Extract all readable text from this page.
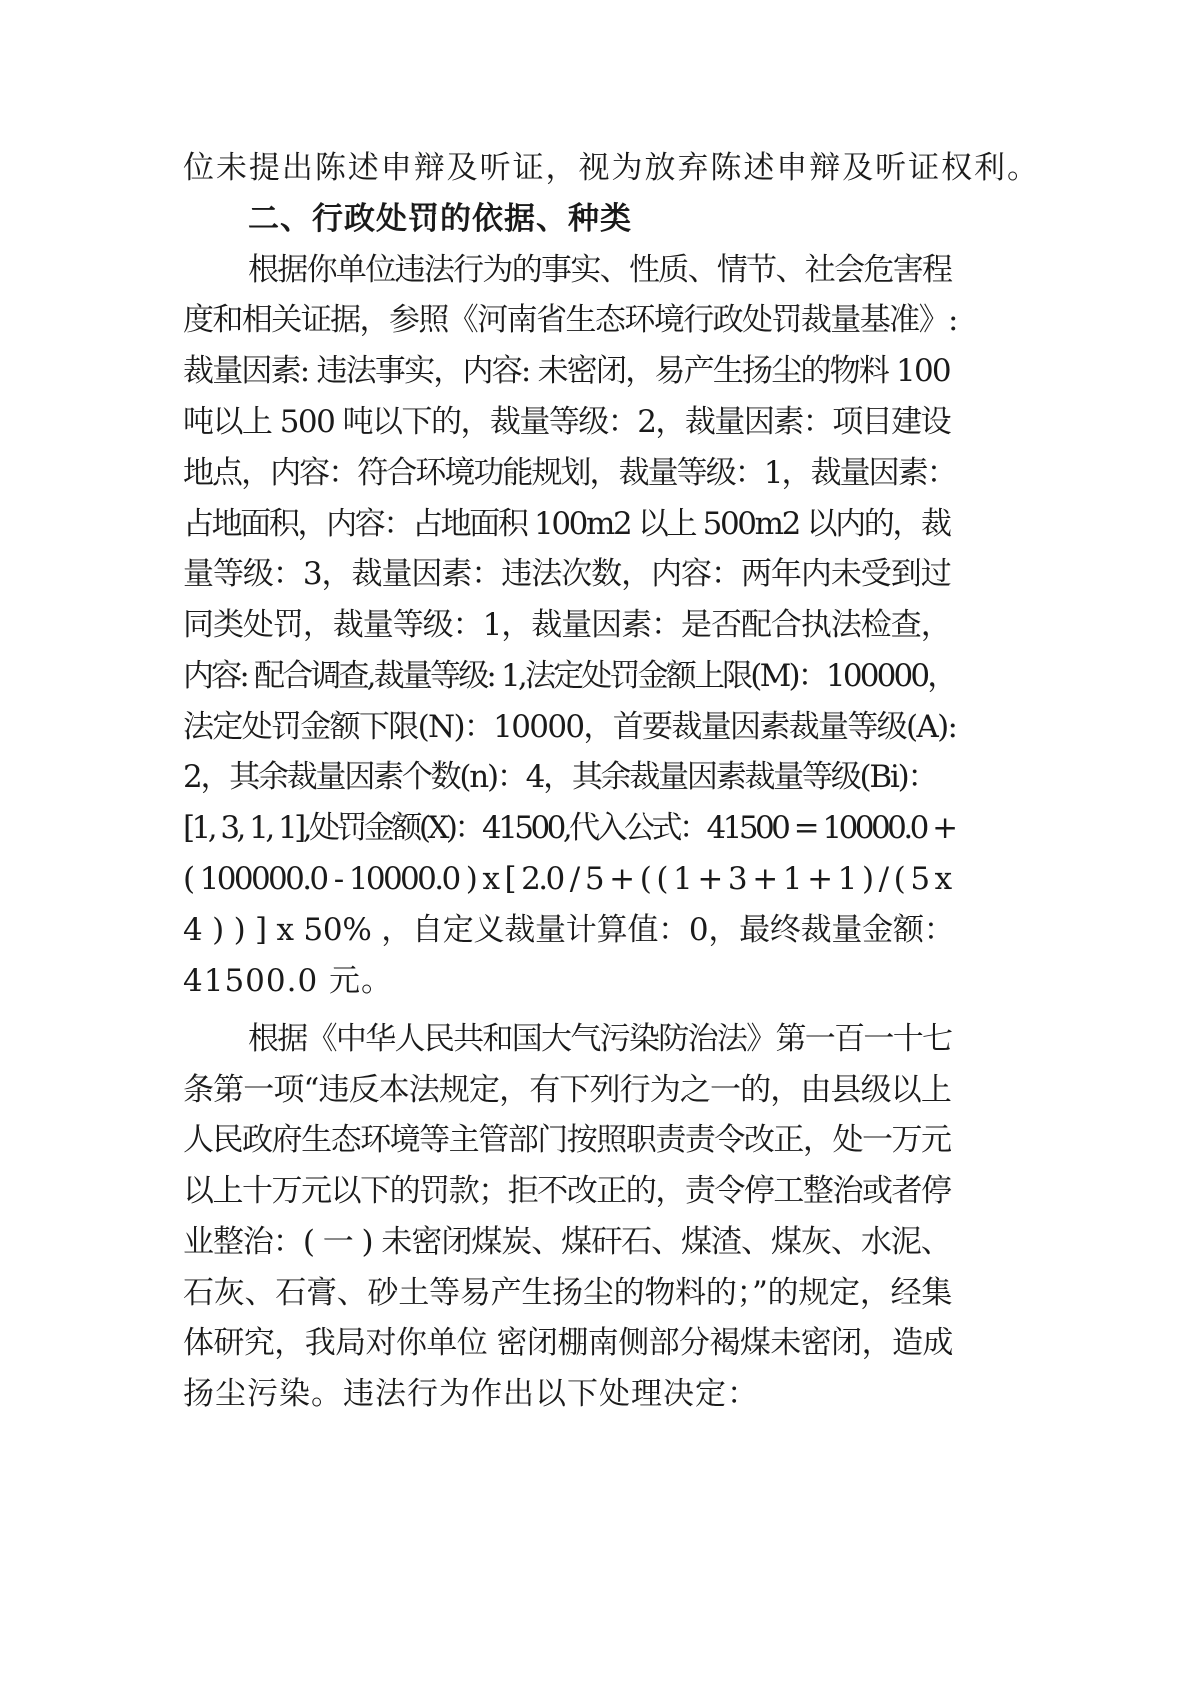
位未提出陈述申辩及听证，视为放弃陈述申辩及听证权利。
二、行政处罚的依据、种类
根据你单位违法行为的事实、性质、情节、社会危害程
度和相关证据，参照《河南省生态环境行政处罚裁量基准》:
裁量因素: 违法事实，内容: 未密闭，易产生扬尘的物料 100
吨以上 500 吨以下的，裁量等级：2，裁量因素：项目建设
地点，内容：符合环境功能规划，裁量等级：1，裁量因素：
占地面积，内容：占地面积 100m2 以上 500m2 以内的，裁
量等级：3，裁量因素：违法次数，内容：两年内未受到过
同类处罚，裁量等级：1，裁量因素：是否配合执法检查，
内容: 配合调查,裁量等级: 1,法定处罚金额上限(M)：100000，
法定处罚金额下限(N)：10000，首要裁量因素裁量等级(A):
2，其余裁量因素个数(n)：4，其余裁量因素裁量等级(Bi)：
[1, 3, 1, 1],处罚金额(X)：41500,代入公式：41500 = 10000.0 +
( 100000.0 - 10000.0 ) x [ 2.0 / 5 + ( ( 1 + 3 + 1 + 1 ) / ( 5 x
4 ) ) ] x 50% ，自定义裁量计算值：0，最终裁量金额：
41500.0 元。
根据《中华人民共和国大气污染防治法》第一百一十七
条第一项“违反本法规定，有下列行为之一的，由县级以上
人民政府生态环境等主管部门按照职责责令改正，处一万元
以上十万元以下的罚款；拒不改正的，责令停工整治或者停
业整治：( 一 ) 未密闭煤炭、煤矸石、煤渣、煤灰、水泥、
石灰、石膏、砂土等易产生扬尘的物料的；”的规定，经集
体研究，我局对你单位 密闭棚南侧部分褐煤未密闭，造成
扬尘污染。违法行为作出以下处理决定：
